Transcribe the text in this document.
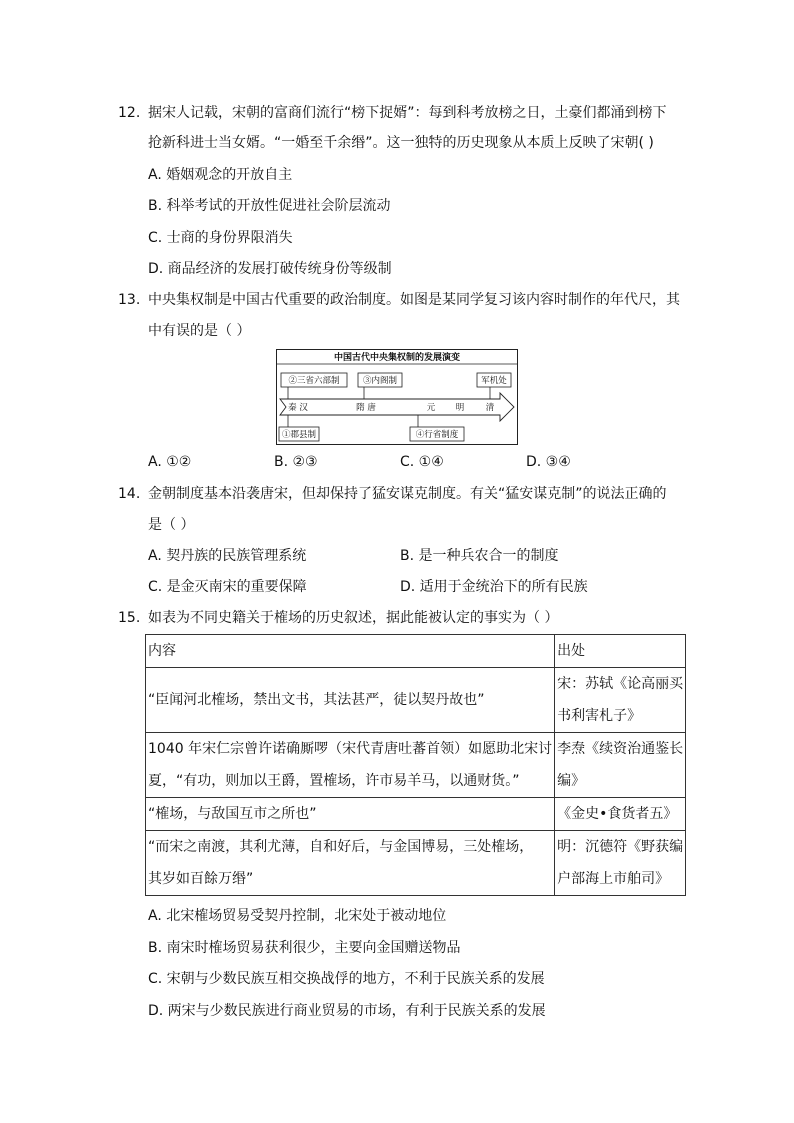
12. 据宋人记载，宋朝的富商们流行“榜下捉婿”：每到科考放榜之日，土豪们都涌到榜下
抢新科进士当女婿。“一婚至千余缗”。这一独特的历史现象从本质上反映了宋朝( )
A. 婚姻观念的开放自主
B. 科举考试的开放性促进社会阶层流动
C. 士商的身份界限消失
D. 商品经济的发展打破传统身份等级制
13. 中央集权制是中国古代重要的政治制度。如图是某同学复习该内容时制作的年代尺，其
中有误的是（ ）
中国古代中央集权制的发展演变
②三省六部制	③内阁制	军机处
秦 汉	隋 唐	元 明	清
①郡县制	④行省制度
A. ①②	B. ②③	C. ①④	D. ③④
14. 金朝制度基本沿袭唐宋，但却保持了猛安谋克制度。有关“猛安谋克制”的说法正确的
是（ ）
A. 契丹族的民族管理系统	B. 是一种兵农合一的制度
C. 是金灭南宋的重要保障	D. 适用于金统治下的所有民族
15. 如表为不同史籍关于榷场的历史叙述，据此能被认定的事实为（ ）
内容	出处

“臣闻河北榷场，禁出文书，其法甚严，徒以契丹故也”	宋：苏轼《论高丽买
书利害札子》

1040 年宋仁宗曾许诺确厮啰（宋代青唐吐蕃首领）如愿助北宋讨
夏，“有功，则加以王爵，置榷场，许市易羊马，以通财货。”	李焘《续资治通鉴长
编》

“榷场，与敌国互市之所也”	《金史•食货者五》

“而宋之南渡，其利尤薄，自和好后，与金国博易，三处榷场，
其岁如百餘万缗”	明：沉德符《野获编
户部海上市舶司》
A. 北宋榷场贸易受契丹控制，北宋处于被动地位
B. 南宋时榷场贸易获利很少，主要向金国赠送物品
C. 宋朝与少数民族互相交换战俘的地方，不利于民族关系的发展
D. 两宋与少数民族进行商业贸易的市场，有利于民族关系的发展
